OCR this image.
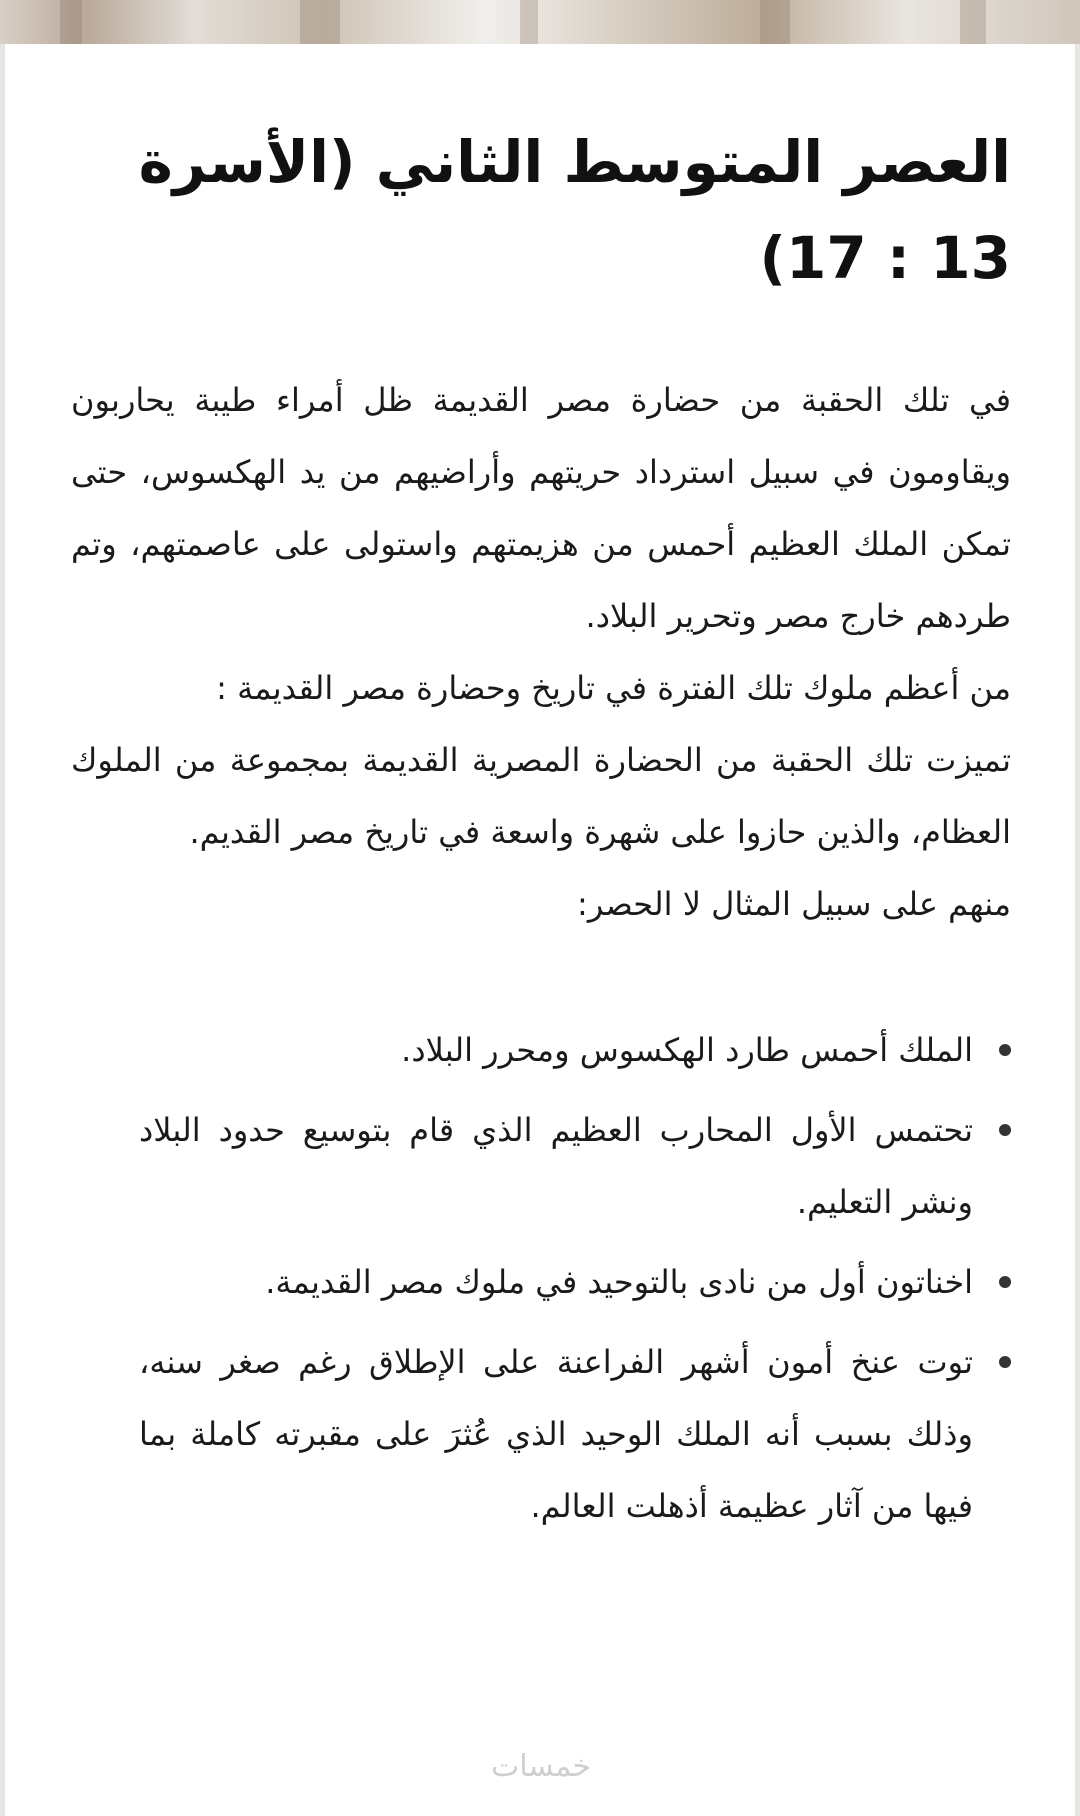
العصر المتوسط الثاني (الأسرة 13 : 17)

في تلك الحقبة من حضارة مصر القديمة ظل أمراء طيبة يحاربون ويقاومون في سبيل استرداد حريتهم وأراضيهم من يد الهكسوس، حتى تمكن الملك العظيم أحمس من هزيمتهم واستولى على عاصمتهم، وتم طردهم خارج مصر وتحرير البلاد.

من أعظم ملوك تلك الفترة في تاريخ وحضارة مصر القديمة :

تميزت تلك الحقبة من الحضارة المصرية القديمة بمجموعة من الملوك العظام، والذين حازوا على شهرة واسعة في تاريخ مصر القديم.

منهم على سبيل المثال لا الحصر:

الملك أحمس طارد الهكسوس ومحرر البلاد.
تحتمس الأول المحارب العظيم الذي قام بتوسيع حدود البلاد ونشر التعليم.
اخناتون أول من نادى بالتوحيد في ملوك مصر القديمة.
توت عنخ أمون أشهر الفراعنة على الإطلاق رغم صغر سنه، وذلك بسبب أنه الملك الوحيد الذي عُثرَ على مقبرته كاملة بما فيها من آثار عظيمة أذهلت العالم.
خمسات
